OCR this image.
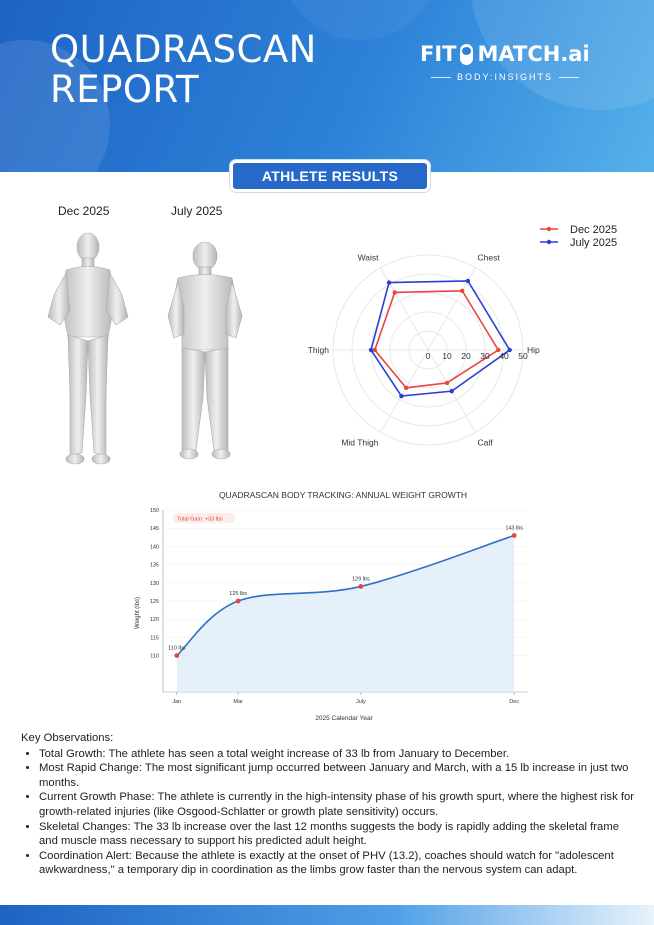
QUADRASCAN
REPORT
FIT MATCH.ai
BODY:INSIGHTS
ATHLETE RESULTS
Dec 2025	July 2025
0 10 20 30 40 50
Hip
Chest
Waist
Thigh
Mid Thigh	Calf
Dec 2025
July 2025
QUADRASCAN BODY TRACKING: ANNUAL WEIGHT GROWTH
110
115
120
125
130
135
140
145
150
Jan	Mar	July	Dec
110 lbs
125 lbs
129 lbs
143 lbs
Total Gain: +33 lbs
Weight (lbs)
2025 Calendar Year
Key Observations:
• Total Growth: The athlete has seen a total weight increase of 33 lb from January to December.
• Most Rapid Change: The most significant jump occurred between January and March, with a 15 lb increase in just two months.
• Current Growth Phase: The athlete is currently in the high-intensity phase of his growth spurt, where the highest risk for growth-related injuries (like Osgood-Schlatter or growth plate sensitivity) occurs.
• Skeletal Changes: The 33 lb increase over the last 12 months suggests the body is rapidly adding the skeletal frame and muscle mass necessary to support his predicted adult height.
• Coordination Alert: Because the athlete is exactly at the onset of PHV (13.2), coaches should watch for "adolescent awkwardness," a temporary dip in coordination as the limbs grow faster than the nervous system can adapt.
